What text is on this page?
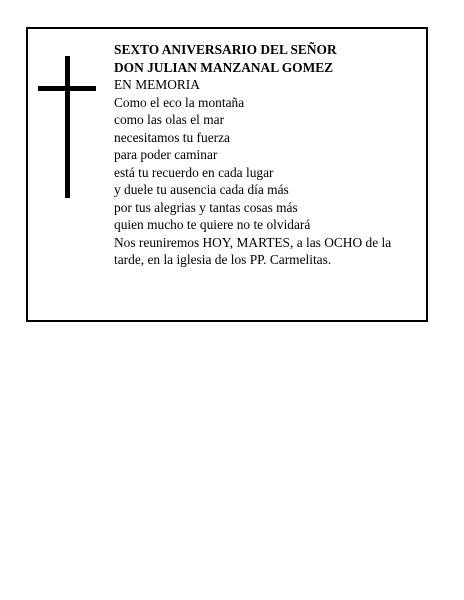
SEXTO ANIVERSARIO DEL SEÑOR
DON JULIAN MANZANAL GOMEZ
EN MEMORIA
Como el eco la montaña
como las olas el mar
necesitamos tu fuerza
para poder caminar
está tu recuerdo en cada lugar
y duele tu ausencia cada día más
por tus alegrias y tantas cosas más
quien mucho te quiere no te olvidará
Nos reuniremos HOY, MARTES, a las OCHO de la tarde, en la iglesia de los PP. Carmelitas.
